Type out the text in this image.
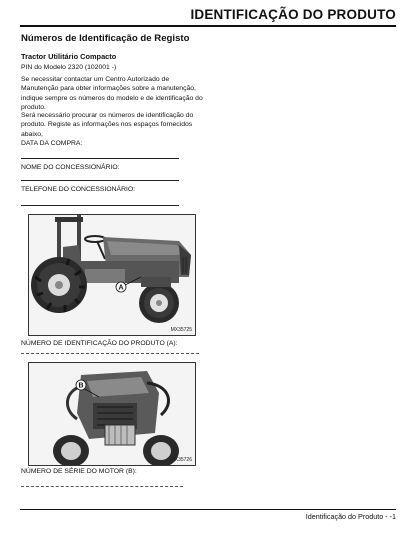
IDENTIFICAÇÃO DO PRODUTO
Números de Identificação de Registo
Tractor Utilitário Compacto
PIN do Modelo 2320 (102001 -)
Se necessitar contactar um Centro Autorizado de Manutenção para obter informações sobre a manutenção, indique sempre os números do modelo e de identificação do produto.
Será necessário procurar os números de identificação do produto. Registe as informações nos espaços fornecidos abaixo,
DATA DA COMPRA:
NOME DO CONCESSIONÁRIO:
TELEFONE DO CONCESSIONÁRIO:
A
MX35725
NÚMERO DE IDENTIFICAÇÃO DO PRODUTO (A):
B
MX35726
NÚMERO DE SÉRIE DO MOTOR (B):
Identificação do Produto - -1
